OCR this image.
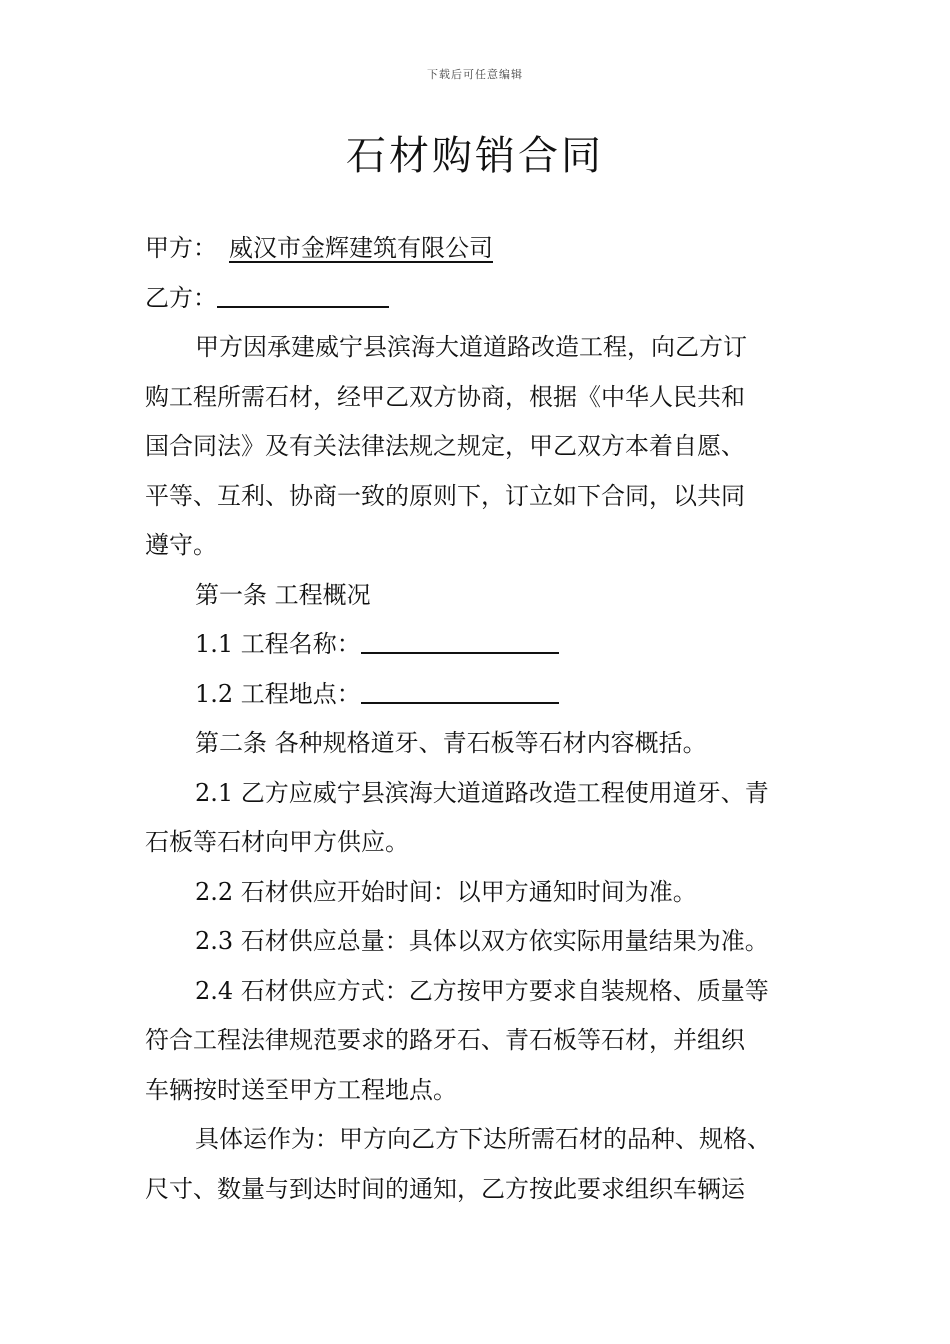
下载后可任意编辑
石材购销合同
甲方： 威汉市金辉建筑有限公司
乙方：
甲方因承建威宁县滨海大道道路改造工程，向乙方订
购工程所需石材，经甲乙双方协商，根据《中华人民共和
国合同法》及有关法律法规之规定，甲乙双方本着自愿、
平等、互利、协商一致的原则下，订立如下合同，以共同
遵守。
第一条 工程概况
1.1 工程名称：
1.2 工程地点：
第二条 各种规格道牙、青石板等石材内容概括。
2.1 乙方应威宁县滨海大道道路改造工程使用道牙、青
石板等石材向甲方供应。
2.2 石材供应开始时间：以甲方通知时间为准。
2.3 石材供应总量：具体以双方依实际用量结果为准。
2.4 石材供应方式：乙方按甲方要求自装规格、质量等
符合工程法律规范要求的路牙石、青石板等石材，并组织
车辆按时送至甲方工程地点。
具体运作为：甲方向乙方下达所需石材的品种、规格、
尺寸、数量与到达时间的通知，乙方按此要求组织车辆运
